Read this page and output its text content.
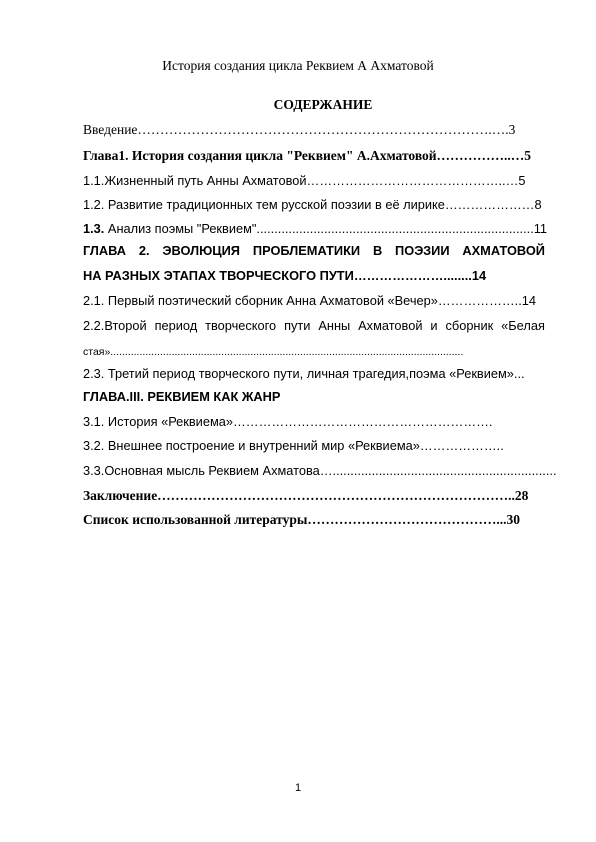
История создания цикла Реквием А Ахматовой
СОДЕРЖАНИЕ
Введение…………………………………………………………………….….3
Глава1. История создания цикла "Реквием" А.Ахматовой……………..…5
1.1.Жизненный путь Анны Ахматовой………………………………………..…5
1.2. Развитие традиционных тем русской поэзии в её лирике…………………8
1.3. Анализ поэмы "Реквием"..............................................................................11
ГЛАВА 2. ЭВОЛЮЦИЯ ПРОБЛЕМАТИКИ В ПОЭЗИИ АХМАТОВОЙ
НА РАЗНЫХ ЭТАПАХ ТВОРЧЕСКОГО ПУТИ…………………........14
2.1. Первый поэтический сборник Анна Ахматовой «Вечер»………………..14
2.2.Второй период творческого пути Анны Ахматовой и сборник «Белая
стая».........................................................................................................................
2.3. Третий период творческого пути, личная трагедия,поэма «Реквием»...
ГЛАВА.III. РЕКВИЕМ КАК ЖАНР
3.1. История «Реквиема»…………………………………………………….
3.2. Внешнее построение и внутренний мир «Реквиема»………………..
3.3.Основная мысль Реквием Ахматова…...............................................................
Заключение……………………………………………………………………..28
Список использованной литературы……………………………………...30
1
